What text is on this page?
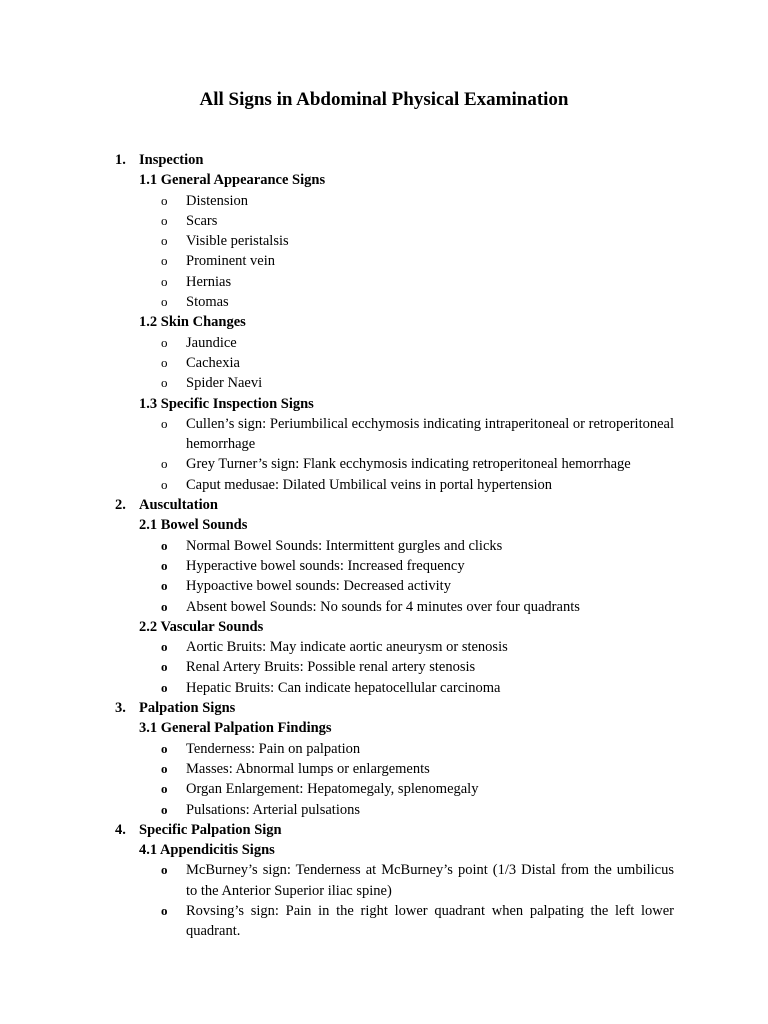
All Signs in Abdominal Physical Examination
1. Inspection
1.1 General Appearance Signs
o Distension
o Scars
o Visible peristalsis
o Prominent vein
o Hernias
o Stomas
1.2 Skin Changes
o Jaundice
o Cachexia
o Spider Naevi
1.3 Specific Inspection Signs
o Cullen’s sign: Periumbilical ecchymosis indicating intraperitoneal or retroperitoneal hemorrhage
o Grey Turner’s sign: Flank ecchymosis indicating retroperitoneal hemorrhage
o Caput medusae: Dilated Umbilical veins in portal hypertension
2. Auscultation
2.1 Bowel Sounds
o Normal Bowel Sounds: Intermittent gurgles and clicks
o Hyperactive bowel sounds: Increased frequency
o Hypoactive bowel sounds: Decreased activity
o Absent bowel Sounds: No sounds for 4 minutes over four quadrants
2.2 Vascular Sounds
o Aortic Bruits: May indicate aortic aneurysm or stenosis
o Renal Artery Bruits: Possible renal artery stenosis
o Hepatic Bruits: Can indicate hepatocellular carcinoma
3. Palpation Signs
3.1 General Palpation Findings
o Tenderness: Pain on palpation
o Masses: Abnormal lumps or enlargements
o Organ Enlargement: Hepatomegaly, splenomegaly
o Pulsations: Arterial pulsations
4. Specific Palpation Sign
4.1 Appendicitis Signs
o McBurney’s sign: Tenderness at McBurney’s point (1/3 Distal from the umbilicus to the Anterior Superior iliac spine)
o Rovsing’s sign: Pain in the right lower quadrant when palpating the left lower quadrant.
